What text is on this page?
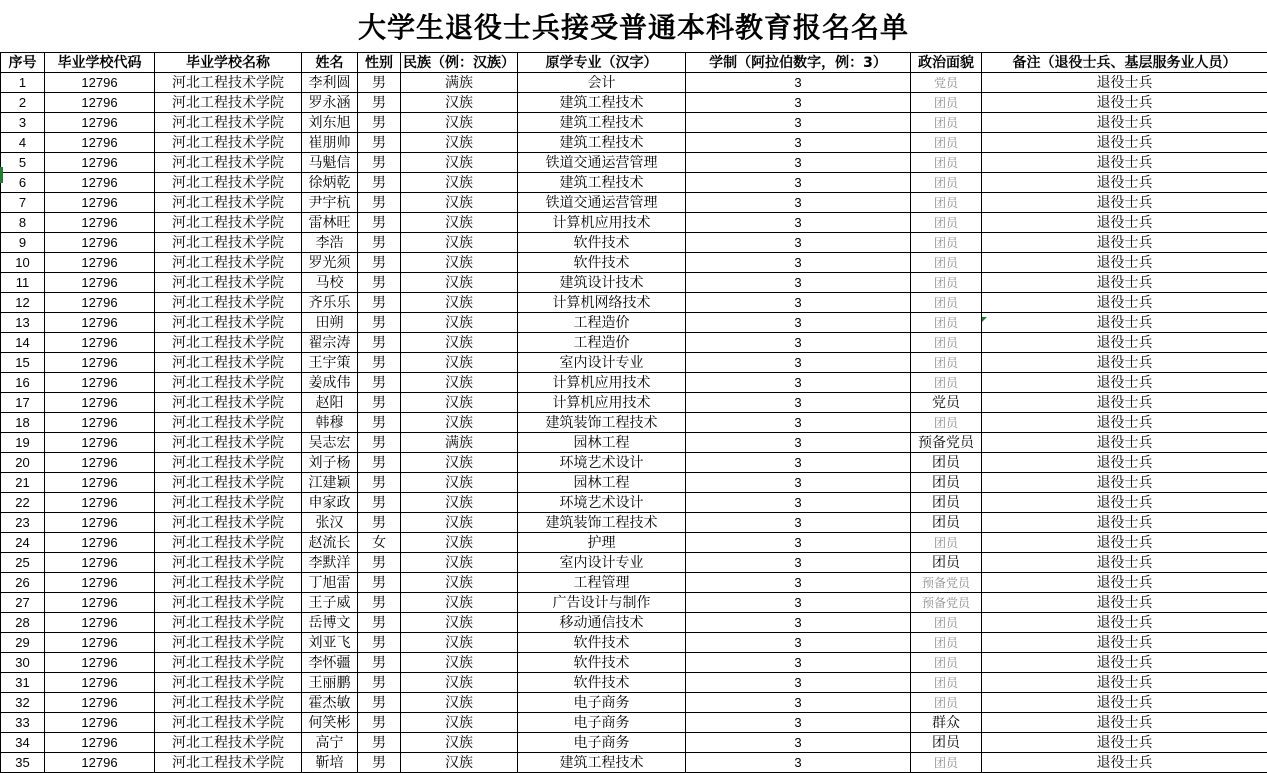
大学生退役士兵接受普通本科教育报名名单
序号	毕业学校代码	毕业学校名称	姓名	性别	民族（例：汉族）	原学专业（汉字）	学制（阿拉伯数字，例：3）	政治面貌	备注（退役士兵、基层服务业人员）
1	12796	河北工程技术学院	李利圆	男	满族	会计	3	党员	退役士兵
2	12796	河北工程技术学院	罗永涵	男	汉族	建筑工程技术	3	团员	退役士兵
3	12796	河北工程技术学院	刘东旭	男	汉族	建筑工程技术	3	团员	退役士兵
4	12796	河北工程技术学院	崔朋帅	男	汉族	建筑工程技术	3	团员	退役士兵
5	12796	河北工程技术学院	马魁信	男	汉族	铁道交通运营管理	3	团员	退役士兵
6	12796	河北工程技术学院	徐炳乾	男	汉族	建筑工程技术	3	团员	退役士兵
7	12796	河北工程技术学院	尹宇杭	男	汉族	铁道交通运营管理	3	团员	退役士兵
8	12796	河北工程技术学院	雷林旺	男	汉族	计算机应用技术	3	团员	退役士兵
9	12796	河北工程技术学院	李浩	男	汉族	软件技术	3	团员	退役士兵
10	12796	河北工程技术学院	罗光须	男	汉族	软件技术	3	团员	退役士兵
11	12796	河北工程技术学院	马校	男	汉族	建筑设计技术	3	团员	退役士兵
12	12796	河北工程技术学院	齐乐乐	男	汉族	计算机网络技术	3	团员	退役士兵
13	12796	河北工程技术学院	田朔	男	汉族	工程造价	3	团员	退役士兵
14	12796	河北工程技术学院	翟宗涛	男	汉族	工程造价	3	团员	退役士兵
15	12796	河北工程技术学院	王宇策	男	汉族	室内设计专业	3	团员	退役士兵
16	12796	河北工程技术学院	姜成伟	男	汉族	计算机应用技术	3	团员	退役士兵
17	12796	河北工程技术学院	赵阳	男	汉族	计算机应用技术	3	党员	退役士兵
18	12796	河北工程技术学院	韩穆	男	汉族	建筑装饰工程技术	3	团员	退役士兵
19	12796	河北工程技术学院	吴志宏	男	满族	园林工程	3	预备党员	退役士兵
20	12796	河北工程技术学院	刘子杨	男	汉族	环境艺术设计	3	团员	退役士兵
21	12796	河北工程技术学院	江建颖	男	汉族	园林工程	3	团员	退役士兵
22	12796	河北工程技术学院	申家政	男	汉族	环境艺术设计	3	团员	退役士兵
23	12796	河北工程技术学院	张汉	男	汉族	建筑装饰工程技术	3	团员	退役士兵
24	12796	河北工程技术学院	赵流长	女	汉族	护理	3	团员	退役士兵
25	12796	河北工程技术学院	李默洋	男	汉族	室内设计专业	3	团员	退役士兵
26	12796	河北工程技术学院	丁旭雷	男	汉族	工程管理	3	预备党员	退役士兵
27	12796	河北工程技术学院	王子威	男	汉族	广告设计与制作	3	预备党员	退役士兵
28	12796	河北工程技术学院	岳博文	男	汉族	移动通信技术	3	团员	退役士兵
29	12796	河北工程技术学院	刘亚飞	男	汉族	软件技术	3	团员	退役士兵
30	12796	河北工程技术学院	李怀疆	男	汉族	软件技术	3	团员	退役士兵
31	12796	河北工程技术学院	王丽鹏	男	汉族	软件技术	3	团员	退役士兵
32	12796	河北工程技术学院	霍杰敏	男	汉族	电子商务	3	团员	退役士兵
33	12796	河北工程技术学院	何笑彬	男	汉族	电子商务	3	群众	退役士兵
34	12796	河北工程技术学院	高宁	男	汉族	电子商务	3	团员	退役士兵
35	12796	河北工程技术学院	靳培	男	汉族	建筑工程技术	3	团员	退役士兵
